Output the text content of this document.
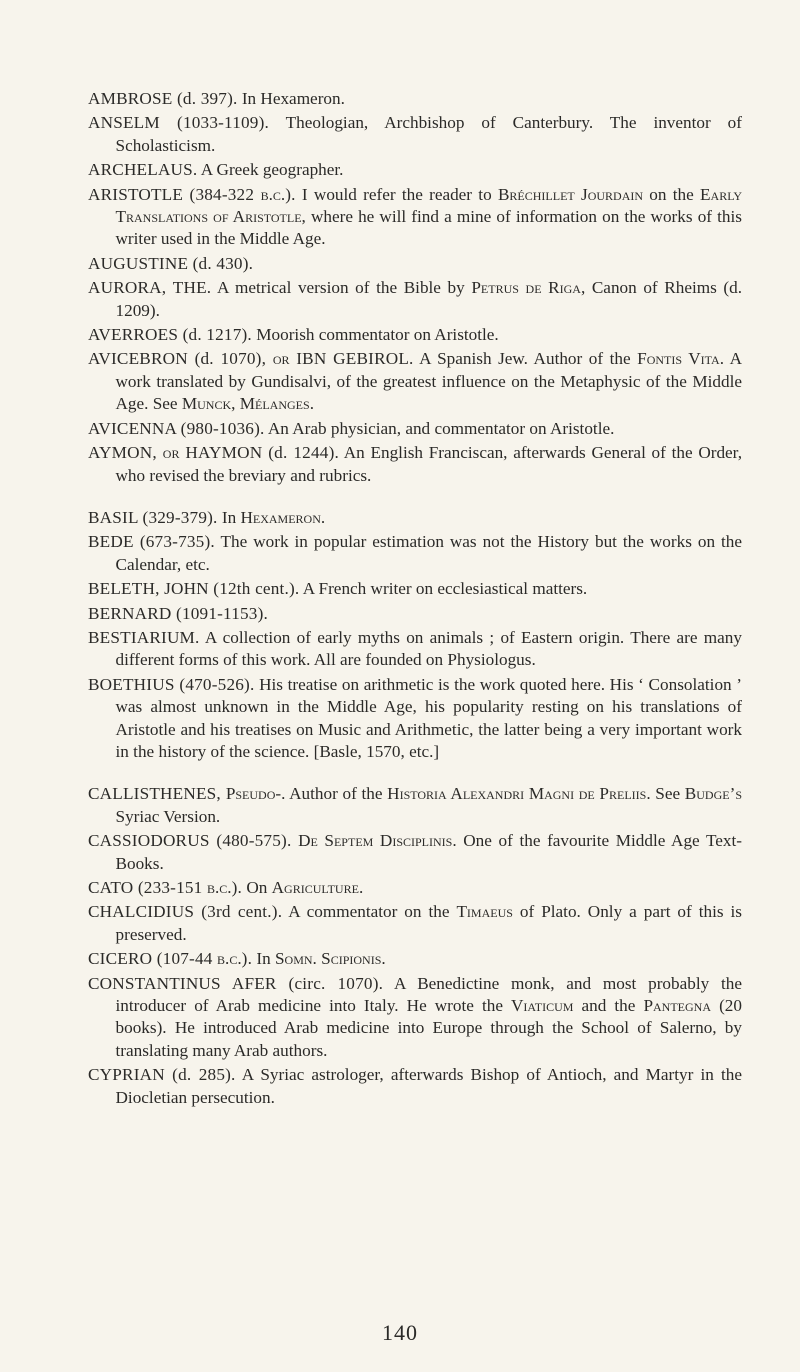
AMBROSE (d. 397). In Hexameron.

ANSELM (1033-1109). Theologian, Archbishop of Canterbury. The inventor of Scholasticism.

ARCHELAUS. A Greek geographer.

ARISTOTLE (384-322 b.c.). I would refer the reader to Bréchillet Jourdain on the Early Translations of Aristotle, where he will find a mine of information on the works of this writer used in the Middle Age.

AUGUSTINE (d. 430).

AURORA, THE. A metrical version of the Bible by Petrus de Riga, Canon of Rheims (d. 1209).

AVERROES (d. 1217). Moorish commentator on Aristotle.

AVICEBRON (d. 1070), or IBN GEBIROL. A Spanish Jew. Author of the Fontis Vita. A work translated by Gundisalvi, of the greatest influence on the Metaphysic of the Middle Age. See Munck, Mélanges.

AVICENNA (980-1036). An Arab physician, and commentator on Aristotle.

AYMON, or HAYMON (d. 1244). An English Franciscan, afterwards General of the Order, who revised the breviary and rubrics.

BASIL (329-379). In Hexameron.

BEDE (673-735). The work in popular estimation was not the History but the works on the Calendar, etc.

BELETH, JOHN (12th cent.). A French writer on ecclesiastical matters.

BERNARD (1091-1153).

BESTIARIUM. A collection of early myths on animals ; of Eastern origin. There are many different forms of this work. All are founded on Physiologus.

BOETHIUS (470-526). His treatise on arithmetic is the work quoted here. His ‘ Consolation ’ was almost unknown in the Middle Age, his popularity resting on his translations of Aristotle and his treatises on Music and Arithmetic, the latter being a very important work in the history of the science. [Basle, 1570, etc.]

CALLISTHENES, Pseudo-. Author of the Historia Alexandri Magni de Preliis. See Budge’s Syriac Version.

CASSIODORUS (480-575). De Septem Disciplinis. One of the favourite Middle Age Text-Books.

CATO (233-151 b.c.). On Agriculture.

CHALCIDIUS (3rd cent.). A commentator on the Timaeus of Plato. Only a part of this is preserved.

CICERO (107-44 b.c.). In Somn. Scipionis.

CONSTANTINUS AFER (circ. 1070). A Benedictine monk, and most probably the introducer of Arab medicine into Italy. He wrote the Viaticum and the Pantegna (20 books). He introduced Arab medicine into Europe through the School of Salerno, by translating many Arab authors.

CYPRIAN (d. 285). A Syriac astrologer, afterwards Bishop of Antioch, and Martyr in the Diocletian persecution.

140
